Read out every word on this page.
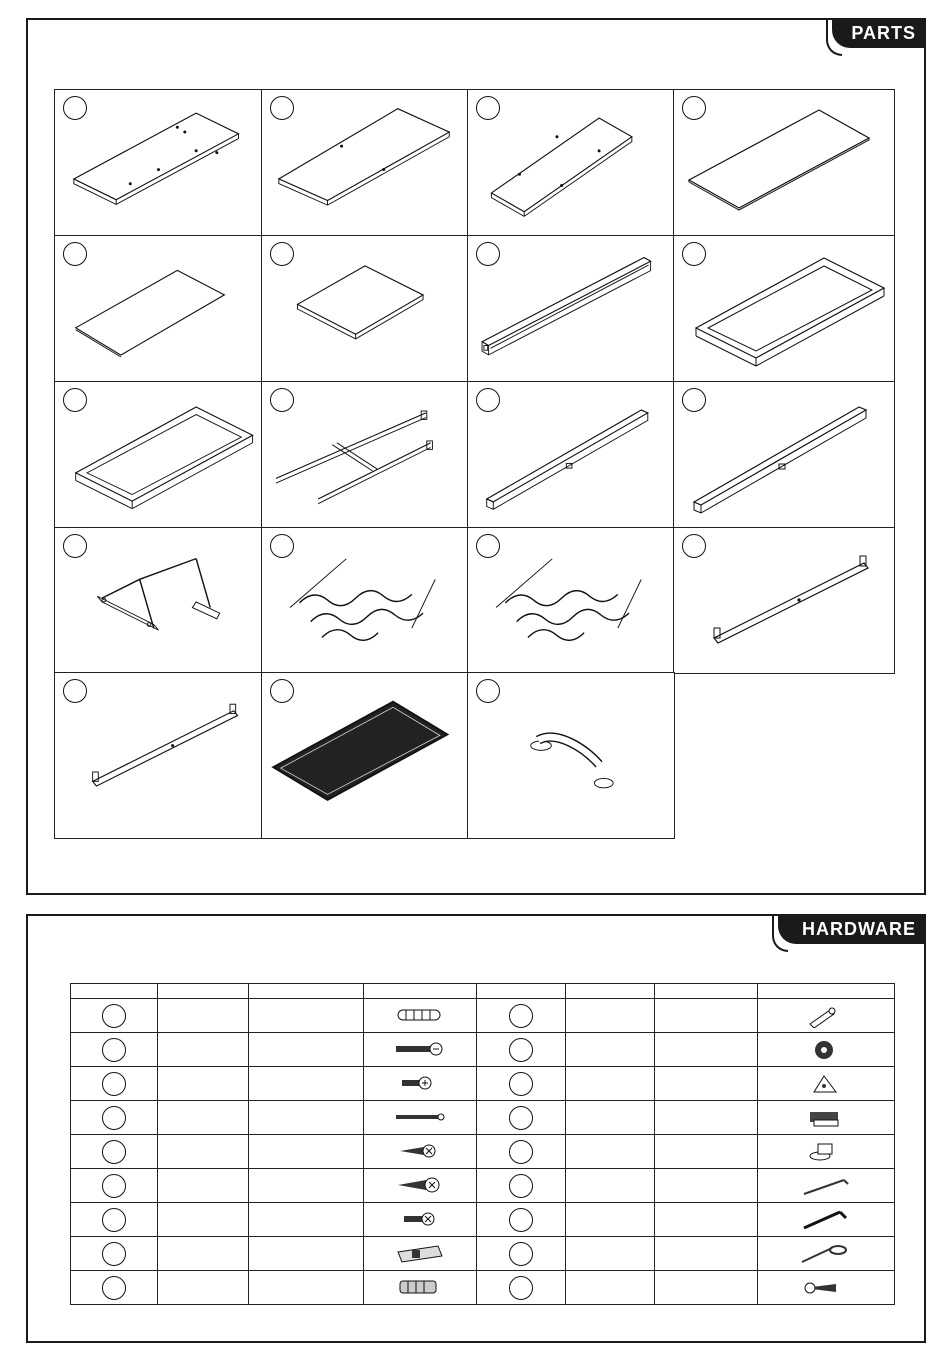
PARTS
HARDWARE
